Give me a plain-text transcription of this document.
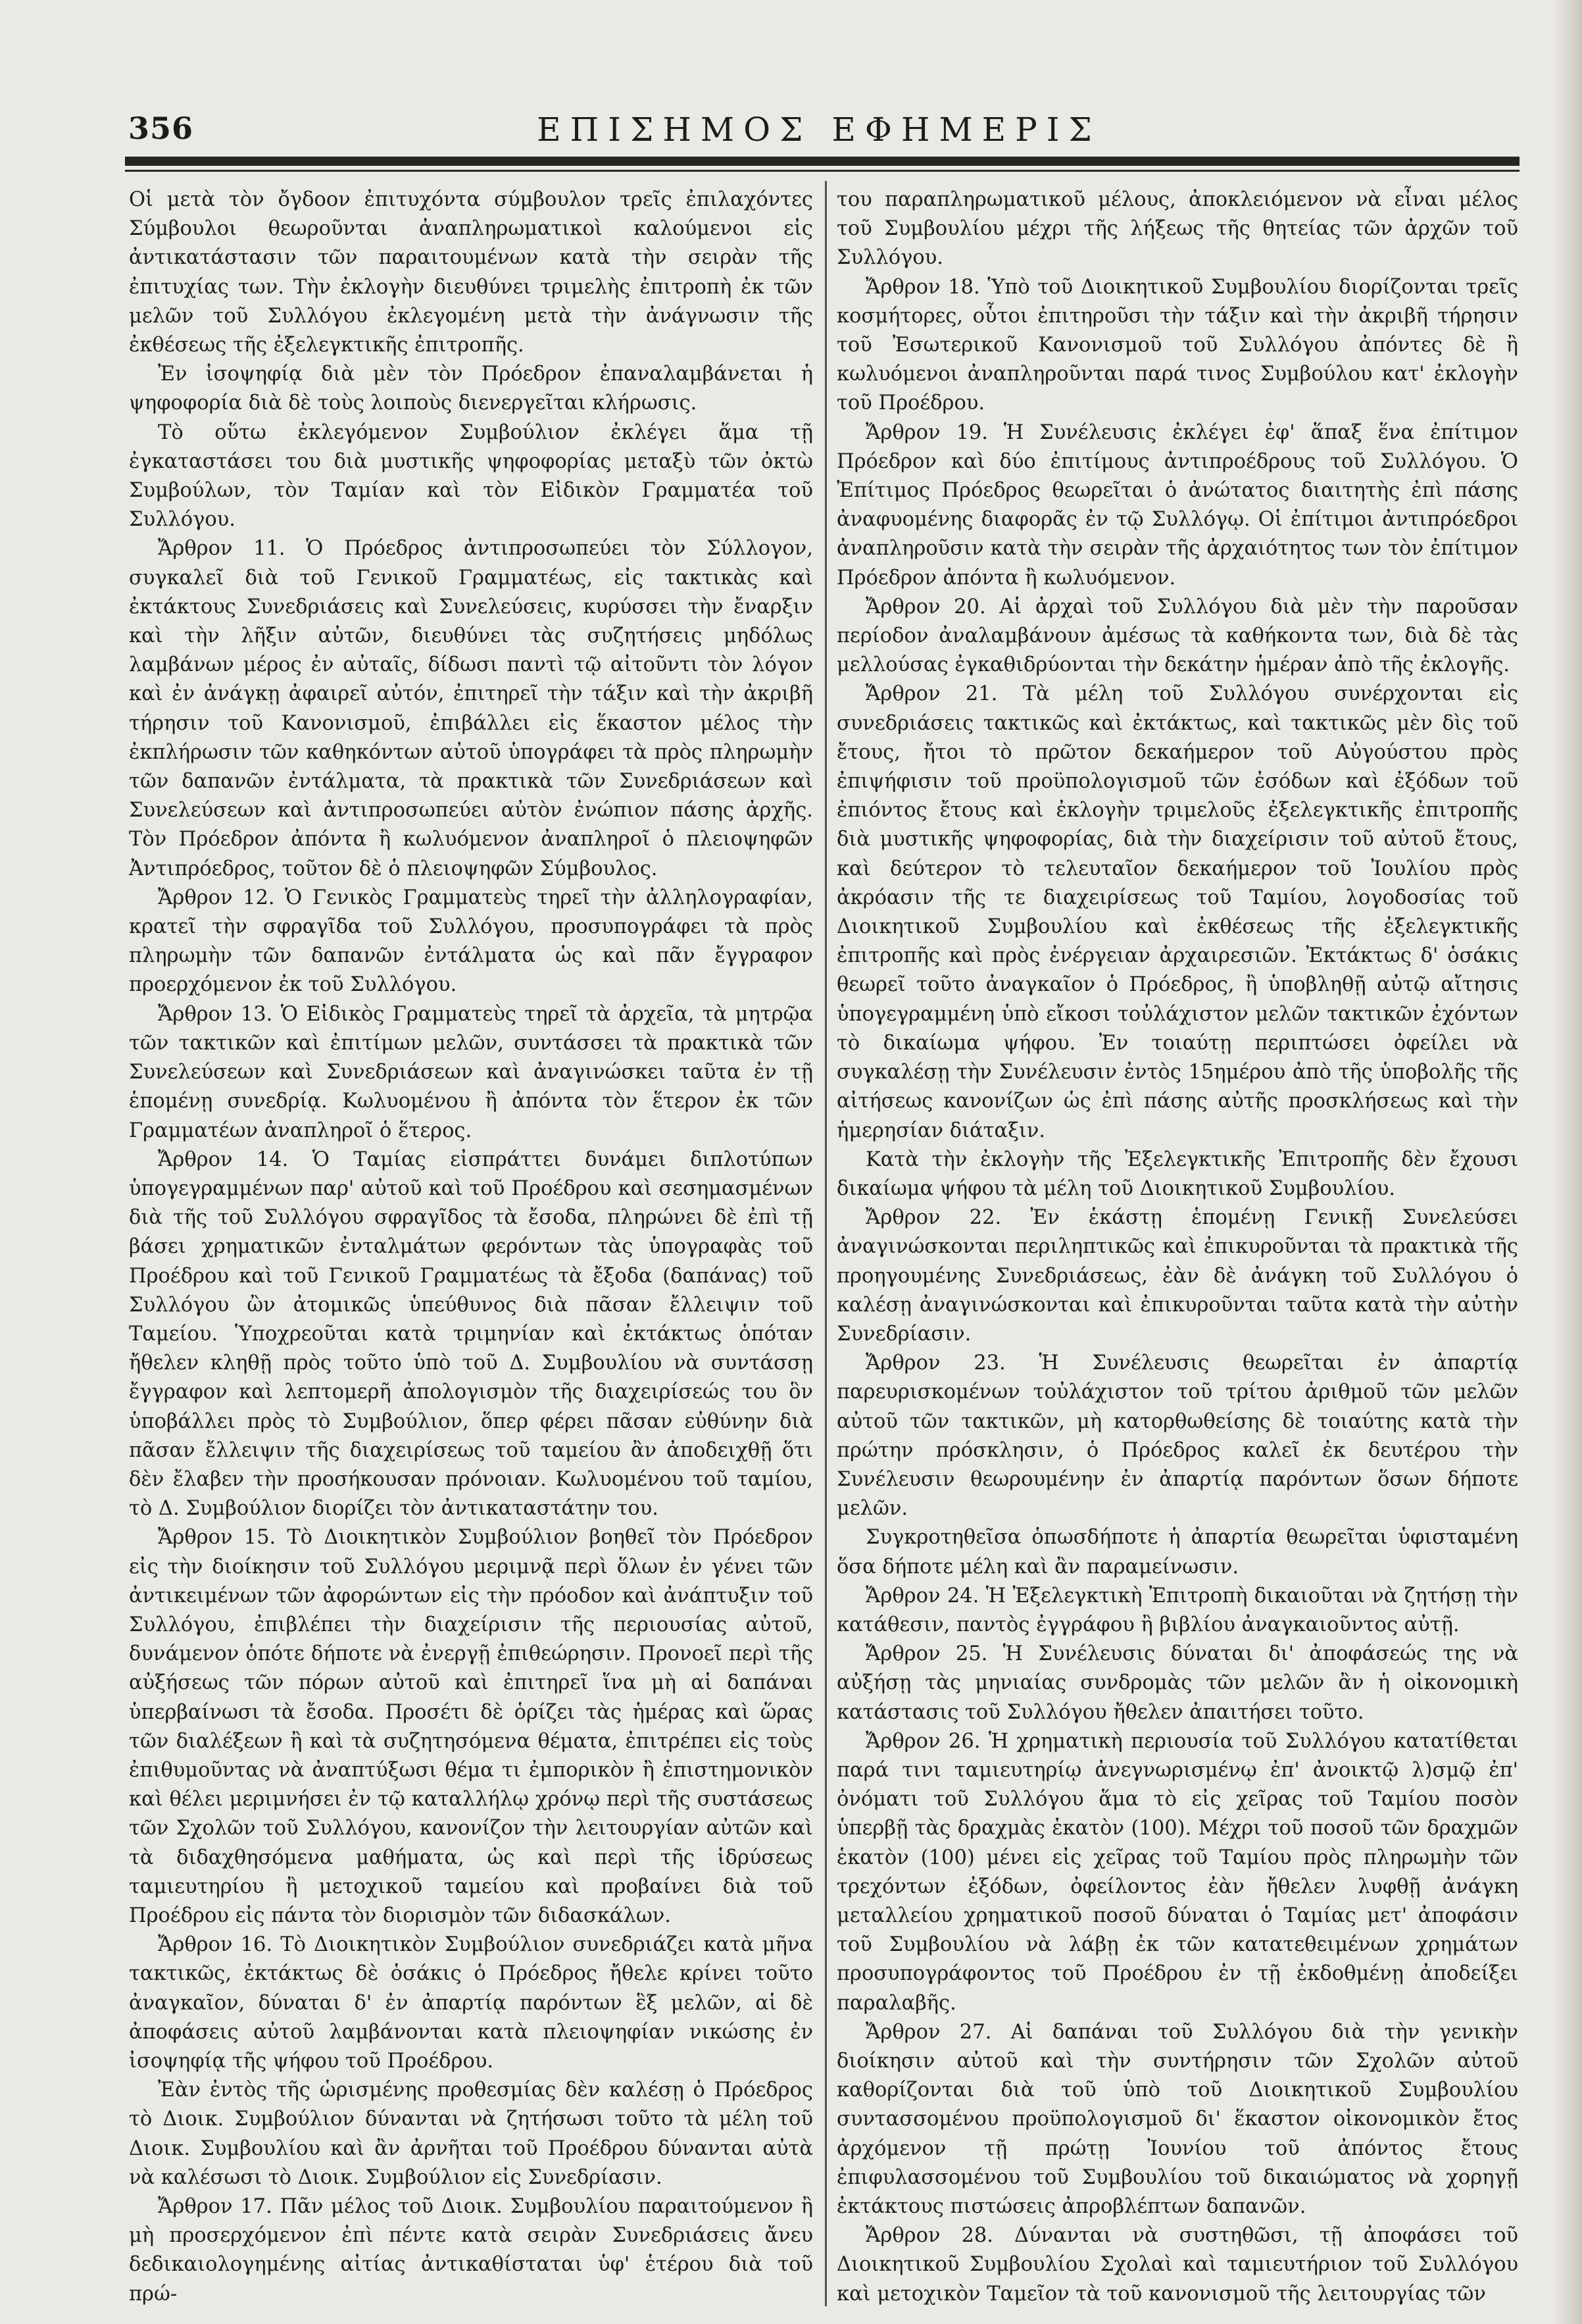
356	ΕΠΙΣΗΜΟΣ ΕΦΗΜΕΡΙΣ

Οἱ μετὰ τὸν ὄγδοον ἐπιτυχόντα σύμβουλον τρεῖς ἐπιλαχόντες Σύμβουλοι θεωροῦνται ἀναπληρωματικοὶ καλούμενοι εἰς ἀντικατάστασιν τῶν παραιτουμένων κατὰ τὴν σειρὰν τῆς ἐπιτυχίας των. Τὴν ἐκλογὴν διευθύνει τριμελὴς ἐπιτροπὴ ἐκ τῶν μελῶν τοῦ Συλλόγου ἐκλεγομένη μετὰ τὴν ἀνάγνωσιν τῆς ἐκθέσεως τῆς ἐξελεγκτικῆς ἐπιτροπῆς.

Ἐν ἰσοψηφίᾳ διὰ μὲν τὸν Πρόεδρον ἐπαναλαμβάνεται ἡ ψηφοφορία διὰ δὲ τοὺς λοιποὺς διενεργεῖται κλήρωσις.

Τὸ οὕτω ἐκλεγόμενον Συμβούλιον ἐκλέγει ἅμα τῇ ἐγκαταστάσει του διὰ μυστικῆς ψηφοφορίας μεταξὺ τῶν ὀκτὼ Συμβούλων, τὸν Ταμίαν καὶ τὸν Εἰδικὸν Γραμματέα τοῦ Συλλόγου.

Ἄρθρον 11. Ὁ Πρόεδρος ἀντιπροσωπεύει τὸν Σύλλογον, συγκαλεῖ διὰ τοῦ Γενικοῦ Γραμματέως, εἰς τακτικὰς καὶ ἐκτάκτους Συνεδριάσεις καὶ Συνελεύσεις, κυρύσσει τὴν ἔναρξιν καὶ τὴν λῆξιν αὐτῶν, διευθύνει τὰς συζητήσεις μηδόλως λαμβάνων μέρος ἐν αὐταῖς, δίδωσι παντὶ τῷ αἰτοῦντι τὸν λόγον καὶ ἐν ἀνάγκῃ ἀφαιρεῖ αὐτόν, ἐπιτηρεῖ τὴν τάξιν καὶ τὴν ἀκριβῆ τήρησιν τοῦ Κανονισμοῦ, ἐπιβάλλει εἰς ἕκαστον μέλος τὴν ἐκπλήρωσιν τῶν καθηκόντων αὐτοῦ ὑπογράφει τὰ πρὸς πληρωμὴν τῶν δαπανῶν ἐντάλματα, τὰ πρακτικὰ τῶν Συνεδριάσεων καὶ Συνελεύσεων καὶ ἀντιπροσωπεύει αὐτὸν ἐνώπιον πάσης ἀρχῆς. Τὸν Πρόεδρον ἀπόντα ἢ κωλυόμενον ἀναπληροῖ ὁ πλειοψηφῶν Ἀντιπρόεδρος, τοῦτον δὲ ὁ πλειοψηφῶν Σύμβουλος.

Ἄρθρον 12. Ὁ Γενικὸς Γραμματεὺς τηρεῖ τὴν ἀλληλογραφίαν, κρατεῖ τὴν σφραγῖδα τοῦ Συλλόγου, προσυπογράφει τὰ πρὸς πληρωμὴν τῶν δαπανῶν ἐντάλματα ὡς καὶ πᾶν ἔγγραφον προερχόμενον ἐκ τοῦ Συλλόγου.

Ἄρθρον 13. Ὁ Εἰδικὸς Γραμματεὺς τηρεῖ τὰ ἀρχεῖα, τὰ μητρῷα τῶν τακτικῶν καὶ ἐπιτίμων μελῶν, συντάσσει τὰ πρακτικὰ τῶν Συνελεύσεων καὶ Συνεδριάσεων καὶ ἀναγινώσκει ταῦτα ἐν τῇ ἑπομένῃ συνεδρίᾳ. Κωλυομένου ἢ ἀπόντα τὸν ἕτερον ἐκ τῶν Γραμματέων ἀναπληροῖ ὁ ἕτερος.

Ἄρθρον 14. Ὁ Ταμίας εἰσπράττει δυνάμει διπλοτύπων ὑπογεγραμμένων παρ' αὐτοῦ καὶ τοῦ Προέδρου καὶ σεσημασμένων διὰ τῆς τοῦ Συλλόγου σφραγῖδος τὰ ἔσοδα, πληρώνει δὲ ἐπὶ τῇ βάσει χρηματικῶν ἐνταλμάτων φερόντων τὰς ὑπογραφὰς τοῦ Προέδρου καὶ τοῦ Γενικοῦ Γραμματέως τὰ ἔξοδα (δαπάνας) τοῦ Συλλόγου ὢν ἀτομικῶς ὑπεύθυνος διὰ πᾶσαν ἔλλειψιν τοῦ Ταμείου. Ὑποχρεοῦται κατὰ τριμηνίαν καὶ ἐκτάκτως ὁπόταν ἤθελεν κληθῇ πρὸς τοῦτο ὑπὸ τοῦ Δ. Συμβουλίου νὰ συντάσσῃ ἔγγραφον καὶ λεπτομερῆ ἀπολογισμὸν τῆς διαχειρίσεώς του ὃν ὑποβάλλει πρὸς τὸ Συμβούλιον, ὅπερ φέρει πᾶσαν εὐθύνην διὰ πᾶσαν ἔλλειψιν τῆς διαχειρίσεως τοῦ ταμείου ἂν ἀποδειχθῇ ὅτι δὲν ἔλαβεν τὴν προσήκουσαν πρόνοιαν. Κωλυομένου τοῦ ταμίου, τὸ Δ. Συμβούλιον διορίζει τὸν ἀντικαταστάτην του.

Ἄρθρον 15. Τὸ Διοικητικὸν Συμβούλιον βοηθεῖ τὸν Πρόεδρον εἰς τὴν διοίκησιν τοῦ Συλλόγου μεριμνᾷ περὶ ὅλων ἐν γένει τῶν ἀντικειμένων τῶν ἀφορώντων εἰς τὴν πρόοδον καὶ ἀνάπτυξιν τοῦ Συλλόγου, ἐπιβλέπει τὴν διαχείρισιν τῆς περιουσίας αὐτοῦ, δυνάμενον ὁπότε δήποτε νὰ ἐνεργῇ ἐπιθεώρησιν. Προνοεῖ περὶ τῆς αὐξήσεως τῶν πόρων αὐτοῦ καὶ ἐπιτηρεῖ ἵνα μὴ αἱ δαπάναι ὑπερβαίνωσι τὰ ἔσοδα. Προσέτι δὲ ὁρίζει τὰς ἡμέρας καὶ ὥρας τῶν διαλέξεων ἢ καὶ τὰ συζητησόμενα θέματα, ἐπιτρέπει εἰς τοὺς ἐπιθυμοῦντας νὰ ἀναπτύξωσι θέμα τι ἐμπορικὸν ἢ ἐπιστημονικὸν καὶ θέλει μεριμνήσει ἐν τῷ καταλλήλῳ χρόνῳ περὶ τῆς συστάσεως τῶν Σχολῶν τοῦ Συλλόγου, κανονίζον τὴν λειτουργίαν αὐτῶν καὶ τὰ διδαχθησόμενα μαθήματα, ὡς καὶ περὶ τῆς ἱδρύσεως ταμιευτηρίου ἢ μετοχικοῦ ταμείου καὶ προβαίνει διὰ τοῦ Προέδρου εἰς πάντα τὸν διορισμὸν τῶν διδασκάλων.

Ἄρθρον 16. Τὸ Διοικητικὸν Συμβούλιον συνεδριάζει κατὰ μῆνα τακτικῶς, ἐκτάκτως δὲ ὁσάκις ὁ Πρόεδρος ἤθελε κρίνει τοῦτο ἀναγκαῖον, δύναται δ' ἐν ἀπαρτίᾳ παρόντων ἓξ μελῶν, αἱ δὲ ἀποφάσεις αὐτοῦ λαμβάνονται κατὰ πλειοψηφίαν νικώσης ἐν ἰσοψηφίᾳ τῆς ψήφου τοῦ Προέδρου.

Ἐὰν ἐντὸς τῆς ὡρισμένης προθεσμίας δὲν καλέσῃ ὁ Πρόεδρος τὸ Διοικ. Συμβούλιον δύνανται νὰ ζητήσωσι τοῦτο τὰ μέλη τοῦ Διοικ. Συμβουλίου καὶ ἂν ἀρνῆται τοῦ Προέδρου δύνανται αὐτὰ νὰ καλέσωσι τὸ Διοικ. Συμβούλιον εἰς Συνεδρίασιν.

Ἄρθρον 17. Πᾶν μέλος τοῦ Διοικ. Συμβουλίου παραιτούμενον ἢ μὴ προσερχόμενον ἐπὶ πέντε κατὰ σειρὰν Συνεδριάσεις ἄνευ δεδικαιολογημένης αἰτίας ἀντικαθίσταται ὑφ' ἑτέρου διὰ τοῦ πρώ-

του παραπληρωματικοῦ μέλους, ἀποκλειόμενον νὰ εἶναι μέλος τοῦ Συμβουλίου μέχρι τῆς λήξεως τῆς θητείας τῶν ἀρχῶν τοῦ Συλλόγου.

Ἄρθρον 18. Ὑπὸ τοῦ Διοικητικοῦ Συμβουλίου διορίζονται τρεῖς κοσμήτορες, οὗτοι ἐπιτηροῦσι τὴν τάξιν καὶ τὴν ἀκριβῆ τήρησιν τοῦ Ἐσωτερικοῦ Κανονισμοῦ τοῦ Συλλόγου ἀπόντες δὲ ἢ κωλυόμενοι ἀναπληροῦνται παρά τινος Συμβούλου κατ' ἐκλογὴν τοῦ Προέδρου.

Ἄρθρον 19. Ἡ Συνέλευσις ἐκλέγει ἐφ' ἅπαξ ἕνα ἐπίτιμον Πρόεδρον καὶ δύο ἐπιτίμους ἀντιπροέδρους τοῦ Συλλόγου. Ὁ Ἐπίτιμος Πρόεδρος θεωρεῖται ὁ ἀνώτατος διαιτητὴς ἐπὶ πάσης ἀναφυομένης διαφορᾶς ἐν τῷ Συλλόγῳ. Οἱ ἐπίτιμοι ἀντιπρόεδροι ἀναπληροῦσιν κατὰ τὴν σειρὰν τῆς ἀρχαιότητος των τὸν ἐπίτιμον Πρόεδρον ἀπόντα ἢ κωλυόμενον.

Ἄρθρον 20. Αἱ ἀρχαὶ τοῦ Συλλόγου διὰ μὲν τὴν παροῦσαν περίοδον ἀναλαμβάνουν ἀμέσως τὰ καθήκοντα των, διὰ δὲ τὰς μελλούσας ἐγκαθιδρύονται τὴν δεκάτην ἡμέραν ἀπὸ τῆς ἐκλογῆς.

Ἄρθρον 21. Τὰ μέλη τοῦ Συλλόγου συνέρχονται εἰς συνεδριάσεις τακτικῶς καὶ ἐκτάκτως, καὶ τακτικῶς μὲν δὶς τοῦ ἔτους, ἤτοι τὸ πρῶτον δεκαήμερον τοῦ Αὐγούστου πρὸς ἐπιψήφισιν τοῦ προϋπολογισμοῦ τῶν ἐσόδων καὶ ἐξόδων τοῦ ἐπιόντος ἔτους καὶ ἐκλογὴν τριμελοῦς ἐξελεγκτικῆς ἐπιτροπῆς διὰ μυστικῆς ψηφοφορίας, διὰ τὴν διαχείρισιν τοῦ αὐτοῦ ἔτους, καὶ δεύτερον τὸ τελευταῖον δεκαήμερον τοῦ Ἰουλίου πρὸς ἀκρόασιν τῆς τε διαχειρίσεως τοῦ Ταμίου, λογοδοσίας τοῦ Διοικητικοῦ Συμβουλίου καὶ ἐκθέσεως τῆς ἐξελεγκτικῆς ἐπιτροπῆς καὶ πρὸς ἐνέργειαν ἀρχαιρεσιῶν. Ἐκτάκτως δ' ὁσάκις θεωρεῖ τοῦτο ἀναγκαῖον ὁ Πρόεδρος, ἢ ὑποβληθῇ αὐτῷ αἴτησις ὑπογεγραμμένη ὑπὸ εἴκοσι τοὐλάχιστον μελῶν τακτικῶν ἐχόντων τὸ δικαίωμα ψήφου. Ἐν τοιαύτῃ περιπτώσει ὀφείλει νὰ συγκαλέσῃ τὴν Συνέλευσιν ἐντὸς 15ημέρου ἀπὸ τῆς ὑποβολῆς τῆς αἰτήσεως κανονίζων ὡς ἐπὶ πάσης αὐτῆς προσκλήσεως καὶ τὴν ἡμερησίαν διάταξιν.

Κατὰ τὴν ἐκλογὴν τῆς Ἐξελεγκτικῆς Ἐπιτροπῆς δὲν ἔχουσι δικαίωμα ψήφου τὰ μέλη τοῦ Διοικητικοῦ Συμβουλίου.

Ἄρθρον 22. Ἐν ἑκάστῃ ἑπομένῃ Γενικῇ Συνελεύσει ἀναγινώσκονται περιληπτικῶς καὶ ἐπικυροῦνται τὰ πρακτικὰ τῆς προηγουμένης Συνεδριάσεως, ἐὰν δὲ ἀνάγκη τοῦ Συλλόγου ὁ καλέσῃ ἀναγινώσκονται καὶ ἐπικυροῦνται ταῦτα κατὰ τὴν αὐτὴν Συνεδρίασιν.

Ἄρθρον 23. Ἡ Συνέλευσις θεωρεῖται ἐν ἀπαρτίᾳ παρευρισκομένων τοὐλάχιστον τοῦ τρίτου ἀριθμοῦ τῶν μελῶν αὐτοῦ τῶν τακτικῶν, μὴ κατορθωθείσης δὲ τοιαύτης κατὰ τὴν πρώτην πρόσκλησιν, ὁ Πρόεδρος καλεῖ ἐκ δευτέρου τὴν Συνέλευσιν θεωρουμένην ἐν ἀπαρτίᾳ παρόντων ὅσων δήποτε μελῶν.

Συγκροτηθεῖσα ὁπωσδήποτε ἡ ἀπαρτία θεωρεῖται ὑφισταμένη ὅσα δήποτε μέλη καὶ ἂν παραμείνωσιν.

Ἄρθρον 24. Ἡ Ἐξελεγκτικὴ Ἐπιτροπὴ δικαιοῦται νὰ ζητήσῃ τὴν κατάθεσιν, παντὸς ἐγγράφου ἢ βιβλίου ἀναγκαιοῦντος αὐτῇ.

Ἄρθρον 25. Ἡ Συνέλευσις δύναται δι' ἀποφάσεώς της νὰ αὐξήσῃ τὰς μηνιαίας συνδρομὰς τῶν μελῶν ἂν ἡ οἰκονομικὴ κατάστασις τοῦ Συλλόγου ἤθελεν ἀπαιτήσει τοῦτο.

Ἄρθρον 26. Ἡ χρηματικὴ περιουσία τοῦ Συλλόγου κατατίθεται παρά τινι ταμιευτηρίῳ ἀνεγνωρισμένῳ ἐπ' ἀνοικτῷ λ)σμῷ ἐπ' ὀνόματι τοῦ Συλλόγου ἅμα τὸ εἰς χεῖρας τοῦ Ταμίου ποσὸν ὑπερβῇ τὰς δραχμὰς ἑκατὸν (100). Μέχρι τοῦ ποσοῦ τῶν δραχμῶν ἑκατὸν (100) μένει εἰς χεῖρας τοῦ Ταμίου πρὸς πληρωμὴν τῶν τρεχόντων ἐξόδων, ὀφείλοντος ἐὰν ἤθελεν λυφθῇ ἀνάγκη μεταλλείου χρηματικοῦ ποσοῦ δύναται ὁ Ταμίας μετ' ἀποφάσιν τοῦ Συμβουλίου νὰ λάβῃ ἐκ τῶν κατατεθειμένων χρημάτων προσυπογράφοντος τοῦ Προέδρου ἐν τῇ ἐκδοθμένῃ ἀποδείξει παραλαβῆς.

Ἄρθρον 27. Αἱ δαπάναι τοῦ Συλλόγου διὰ τὴν γενικὴν διοίκησιν αὐτοῦ καὶ τὴν συντήρησιν τῶν Σχολῶν αὐτοῦ καθορίζονται διὰ τοῦ ὑπὸ τοῦ Διοικητικοῦ Συμβουλίου συντασσομένου προϋπολογισμοῦ δι' ἕκαστον οἰκονομικὸν ἔτος ἀρχόμενον τῇ πρώτῃ Ἰουνίου τοῦ ἀπόντος ἔτους ἐπιφυλασσομένου τοῦ Συμβουλίου τοῦ δικαιώματος νὰ χορηγῇ ἐκτάκτους πιστώσεις ἀπροβλέπτων δαπανῶν.

Ἄρθρον 28. Δύνανται νὰ συστηθῶσι, τῇ ἀποφάσει τοῦ Διοικητικοῦ Συμβουλίου Σχολαὶ καὶ ταμιευτήριον τοῦ Συλλόγου καὶ μετοχικὸν Ταμεῖον τὰ τοῦ κανονισμοῦ τῆς λειτουργίας τῶν
